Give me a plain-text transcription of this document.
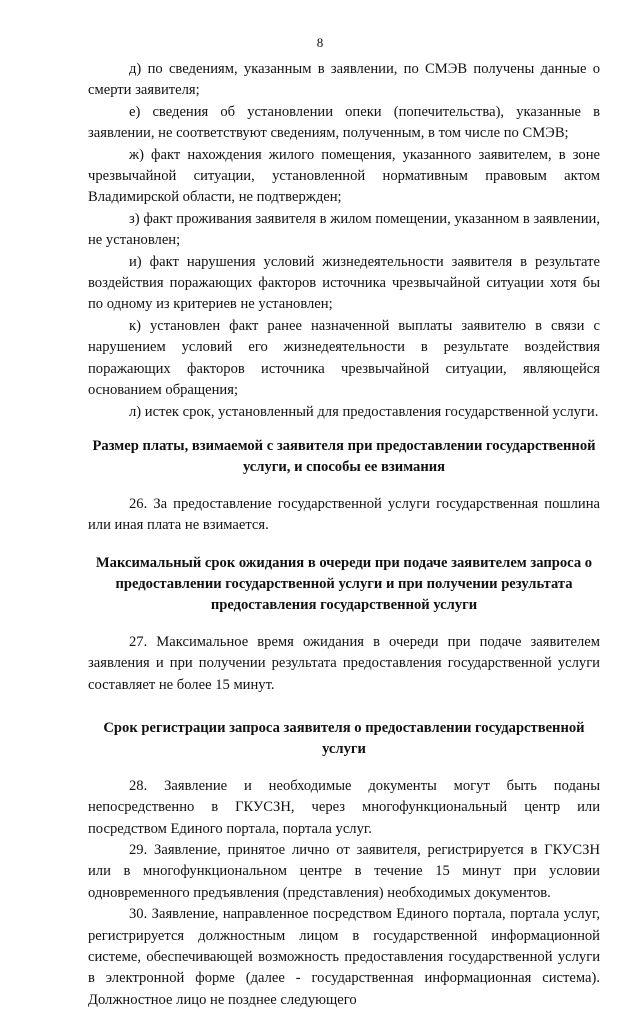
8

д) по сведениям, указанным в заявлении, по СМЭВ получены данные о смерти заявителя;

е) сведения об установлении опеки (попечительства), указанные в заявлении, не соответствуют сведениям, полученным, в том числе по СМЭВ;

ж) факт нахождения жилого помещения, указанного заявителем, в зоне чрезвычайной ситуации, установленной нормативным правовым актом Владимирской области, не подтвержден;

з) факт проживания заявителя в жилом помещении, указанном в заявлении, не установлен;

и) факт нарушения условий жизнедеятельности заявителя в результате воздействия поражающих факторов источника чрезвычайной ситуации хотя бы по одному из критериев не установлен;

к) установлен факт ранее назначенной выплаты заявителю в связи с нарушением условий его жизнедеятельности в результате воздействия поражающих факторов источника чрезвычайной ситуации, являющейся основанием обращения;

л) истек срок, установленный для предоставления государственной услуги.

Размер платы, взимаемой с заявителя при предоставлении государственной услуги, и способы ее взимания

26. За предоставление государственной услуги государственная пошлина или иная плата не взимается.

Максимальный срок ожидания в очереди при подаче заявителем запроса о предоставлении государственной услуги и при получении результата предоставления государственной услуги

27. Максимальное время ожидания в очереди при подаче заявителем заявления и при получении результата предоставления государственной услуги составляет не более 15 минут.

Срок регистрации запроса заявителя о предоставлении государственной услуги

28. Заявление и необходимые документы могут быть поданы непосредственно в ГКУСЗН, через многофункциональный центр или посредством Единого портала, портала услуг.

29. Заявление, принятое лично от заявителя, регистрируется в ГКУСЗН или в многофункциональном центре в течение 15 минут при условии одновременного предъявления (представления) необходимых документов.

30. Заявление, направленное посредством Единого портала, портала услуг, регистрируется должностным лицом в государственной информационной системе, обеспечивающей возможность предоставления государственной услуги в электронной форме (далее - государственная информационная система). Должностное лицо не позднее следующего
